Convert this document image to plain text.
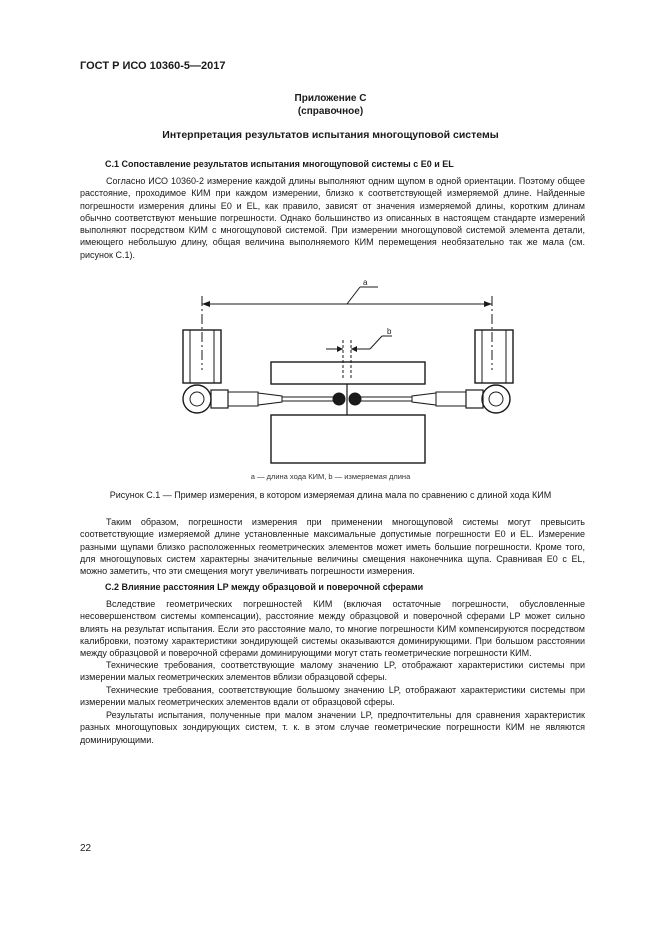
ГОСТ Р ИСО 10360-5—2017
Приложение С
(справочное)
Интерпретация результатов испытания многощуповой системы
С.1 Сопоставление результатов испытания многощуповой системы с E0 и EL
Согласно ИСО 10360-2 измерение каждой длины выполняют одним щупом в одной ориентации. Поэтому общее расстояние, проходимое КИМ при каждом измерении, близко к соответствующей измеряемой длине. Найденные погрешности измерения длины E0 и EL, как правило, зависят от значения измеряемой длины, коротким длинам обычно соответствуют меньшие погрешности. Однако большинство из описанных в настоящем стандарте измерений выполняют посредством КИМ с многощуповой системой. При измерении многощуповой системой элемента детали, имеющего небольшую длину, общая величина выполняемого КИМ перемещения необязательно так же мала (см. рисунок С.1).
a
b
a — длина хода КИМ, b — измеряемая длина
Рисунок С.1 — Пример измерения, в котором измеряемая длина мала по сравнению с длиной хода КИМ
Таким образом, погрешности измерения при применении многощуповой системы могут превысить соответствующие измеряемой длине установленные максимальные допустимые погрешности E0 и EL. Измерение разными щупами близко расположенных геометрических элементов может иметь большие погрешности. Кроме того, для многощуповых систем характерны значительные величины смещения наконечника щупа. Сравнивая E0 с EL, можно заметить, что эти смещения могут увеличивать погрешности измерения.
С.2 Влияние расстояния LP между образцовой и поверочной сферами
Вследствие геометрических погрешностей КИМ (включая остаточные погрешности, обусловленные несовершенством системы компенсации), расстояние между образцовой и поверочной сферами LP может сильно влиять на результат испытания. Если это расстояние мало, то многие погрешности КИМ компенсируются посредством калибровки, поэтому характеристики зондирующей системы оказываются доминирующими. При большом расстоянии между образцовой и поверочной сферами доминирующими могут стать геометрические погрешности КИМ.
Технические требования, соответствующие малому значению LP, отображают характеристики системы при измерении малых геометрических элементов вблизи образцовой сферы.
Технические требования, соответствующие большому значению LP, отображают характеристики системы при измерении малых геометрических элементов вдали от образцовой сферы.
Результаты испытания, полученные при малом значении LP, предпочтительны для сравнения характеристик разных многощуповых зондирующих систем, т. к. в этом случае геометрические погрешности КИМ не являются доминирующими.
22
